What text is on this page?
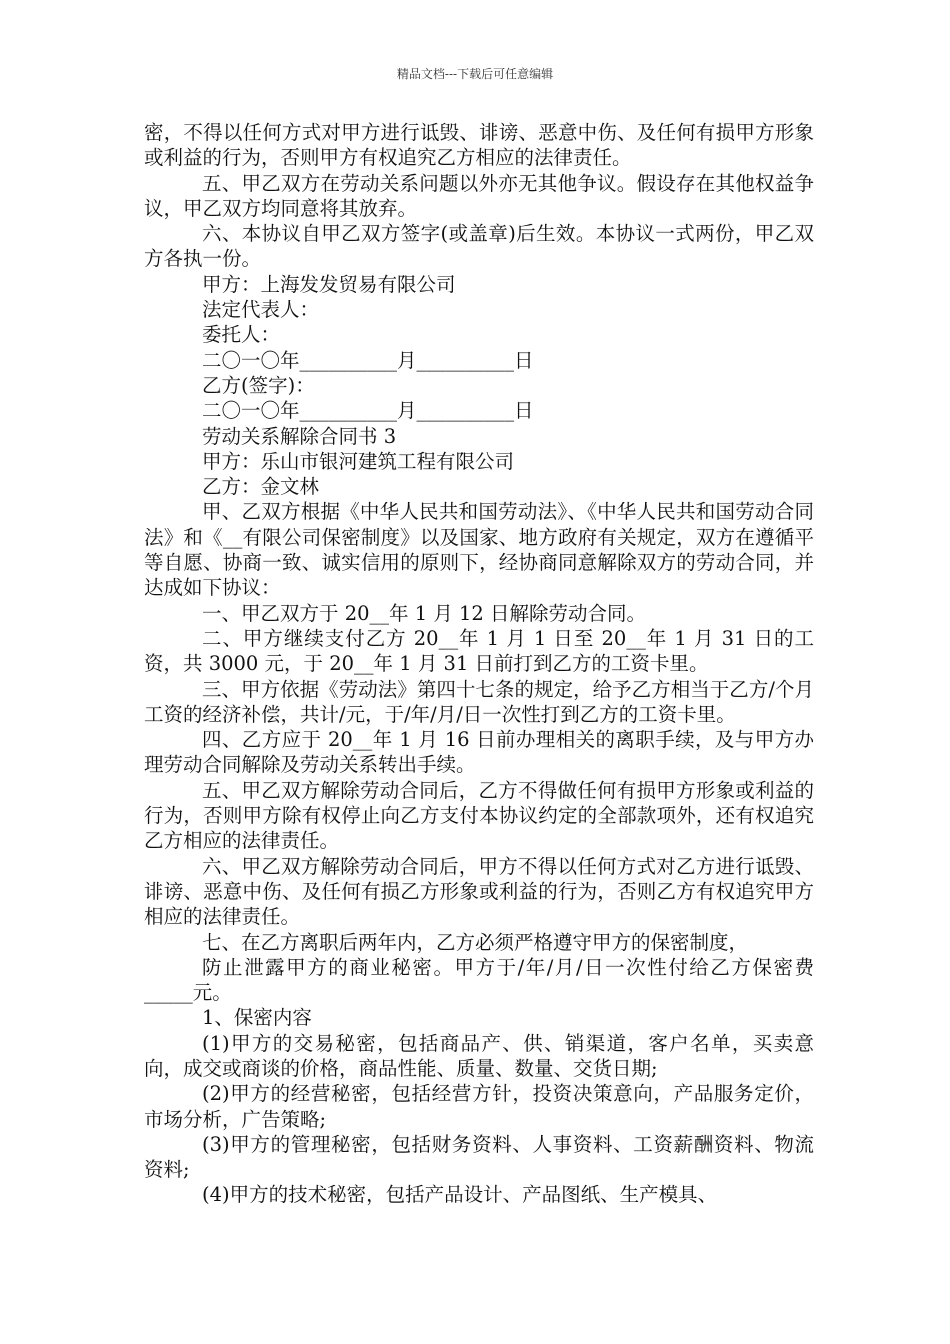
精品文档---下载后可任意编辑

密，不得以任何方式对甲方进行诋毁、诽谤、恶意中伤、及任何有损甲方形象或利益的行为，否则甲方有权追究乙方相应的法律责任。

五、甲乙双方在劳动关系问题以外亦无其他争议。假设存在其他权益争议，甲乙双方均同意将其放弃。

六、本协议自甲乙双方签字(或盖章)后生效。本协议一式两份，甲乙双方各执一份。

甲方：上海发发贸易有限公司

法定代表人：

委托人：

二〇一〇年__________月__________日

乙方(签字)：

二〇一〇年__________月__________日

劳动关系解除合同书 3

甲方：乐山市银河建筑工程有限公司

乙方：金文林

甲、乙双方根据《中华人民共和国劳动法》、《中华人民共和国劳动合同法》和《__有限公司保密制度》以及国家、地方政府有关规定，双方在遵循平等自愿、协商一致、诚实信用的原则下，经协商同意解除双方的劳动合同，并达成如下协议：

一、甲乙双方于 20__年 1 月 12 日解除劳动合同。

二、甲方继续支付乙方 20__年 1 月 1 日至 20__年 1 月 31 日的工资，共 3000 元，于 20__年 1 月 31 日前打到乙方的工资卡里。

三、甲方依据《劳动法》第四十七条的规定，给予乙方相当于乙方/个月工资的经济补偿，共计/元，于/年/月/日一次性打到乙方的工资卡里。

四、乙方应于 20__年 1 月 16 日前办理相关的离职手续，及与甲方办理劳动合同解除及劳动关系转出手续。

五、甲乙双方解除劳动合同后，乙方不得做任何有损甲方形象或利益的行为，否则甲方除有权停止向乙方支付本协议约定的全部款项外，还有权追究乙方相应的法律责任。

六、甲乙双方解除劳动合同后，甲方不得以任何方式对乙方进行诋毁、诽谤、恶意中伤、及任何有损乙方形象或利益的行为，否则乙方有权追究甲方相应的法律责任。

七、在乙方离职后两年内，乙方必须严格遵守甲方的保密制度，

防止泄露甲方的商业秘密。甲方于/年/月/日一次性付给乙方保密费_____元。

1、保密内容

(1)甲方的交易秘密，包括商品产、供、销渠道，客户名单，买卖意向，成交或商谈的价格，商品性能、质量、数量、交货日期;

(2)甲方的经营秘密，包括经营方针，投资决策意向，产品服务定价，市场分析，广告策略;

(3)甲方的管理秘密，包括财务资料、人事资料、工资薪酬资料、物流资料;

(4)甲方的技术秘密，包括产品设计、产品图纸、生产模具、
